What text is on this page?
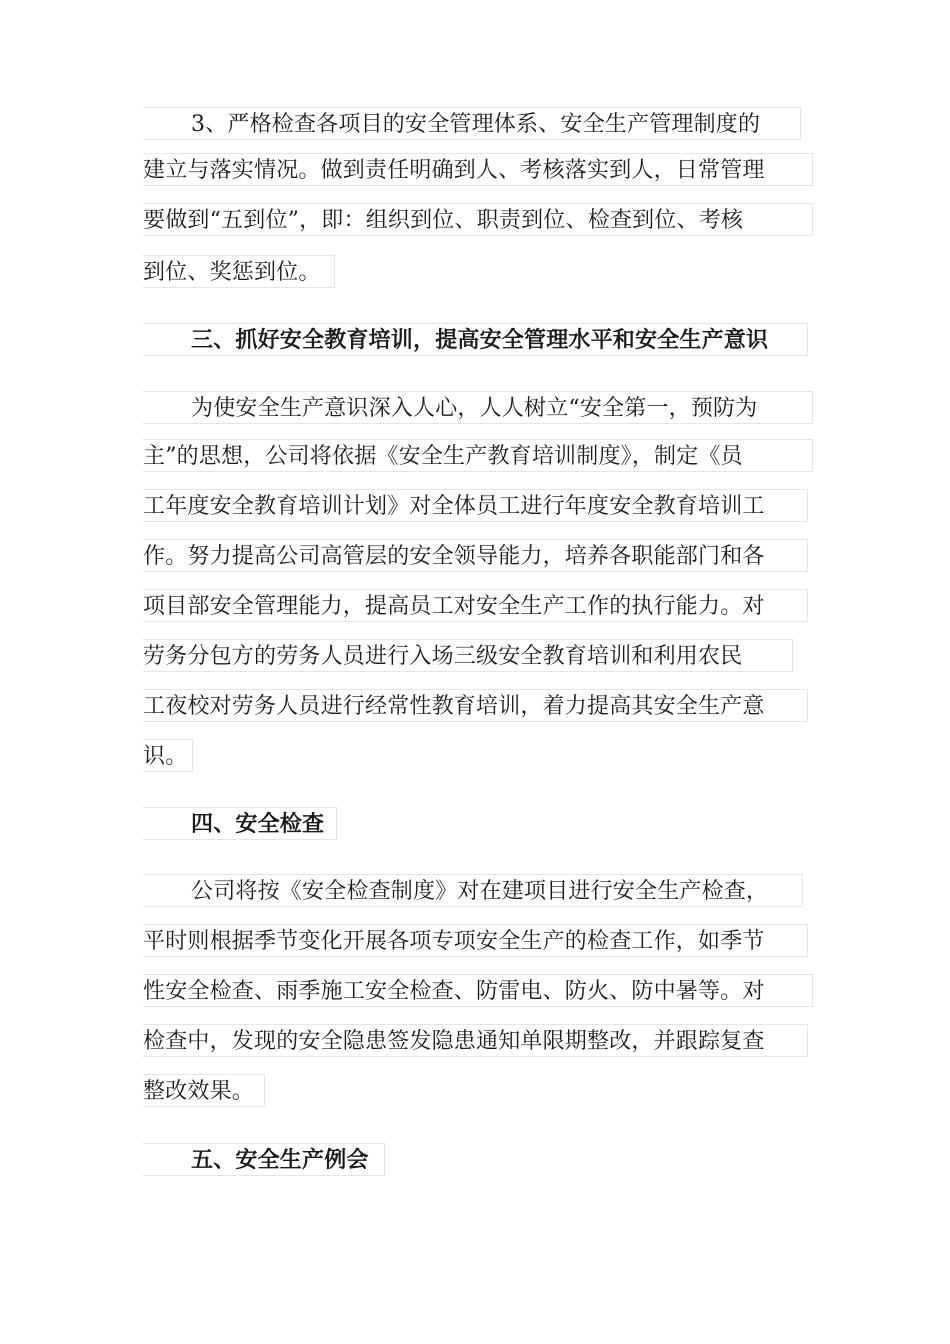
3、严格检查各项目的安全管理体系、安全生产管理制度的
建立与落实情况。做到责任明确到人、考核落实到人，日常管理
要做到“五到位”，即：组织到位、职责到位、检查到位、考核
到位、奖惩到位。
三、抓好安全教育培训，提高安全管理水平和安全生产意识
为使安全生产意识深入人心，人人树立“安全第一，预防为
主”的思想，公司将依据《安全生产教育培训制度》，制定《员
工年度安全教育培训计划》对全体员工进行年度安全教育培训工
作。努力提高公司高管层的安全领导能力，培养各职能部门和各
项目部安全管理能力，提高员工对安全生产工作的执行能力。对
劳务分包方的劳务人员进行入场三级安全教育培训和利用农民
工夜校对劳务人员进行经常性教育培训，着力提高其安全生产意
识。
四、安全检查
公司将按《安全检查制度》对在建项目进行安全生产检查，
平时则根据季节变化开展各项专项安全生产的检查工作，如季节
性安全检查、雨季施工安全检查、防雷电、防火、防中暑等。对
检查中，发现的安全隐患签发隐患通知单限期整改，并跟踪复查
整改效果。
五、安全生产例会
